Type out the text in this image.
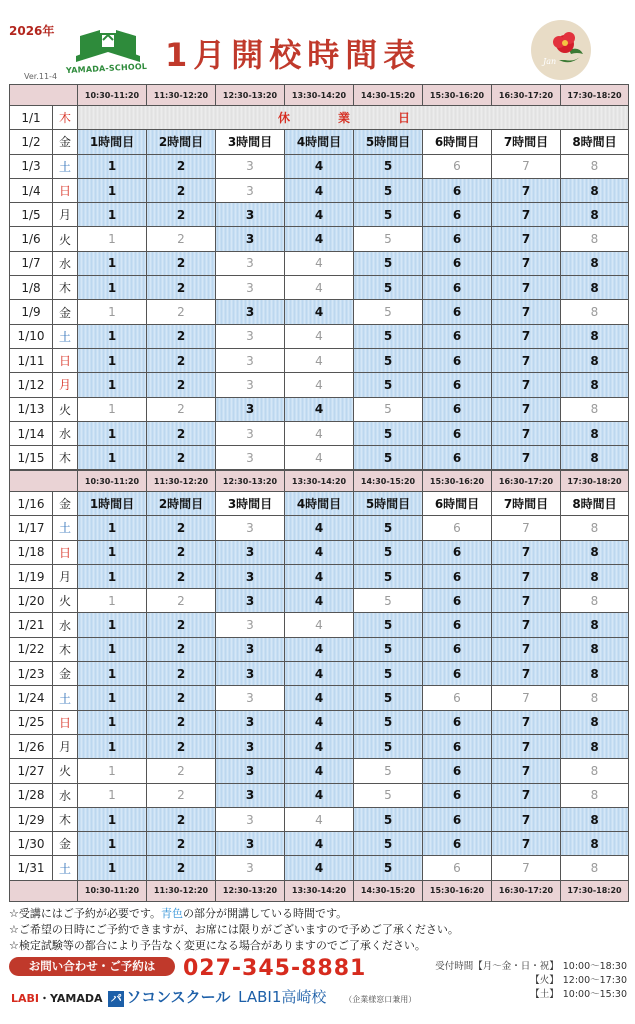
2026年
YAMADA-SCHOOL
Ver.11-4
1月開校時間表	Jan
		10:30-11:20	11:30-12:20	12:30-13:20	13:30-14:20	14:30-15:20	15:30-16:20	16:30-17:20	17:30-18:20
1/1	木	休　業　日							
1/2	金	1時間目	2時間目	3時間目	4時間目	5時間目	6時間目	7時間目	8時間目
1/3	土	1	2	3	4	5	6	7	8
1/4	日	1	2	3	4	5	6	7	8
1/5	月	1	2	3	4	5	6	7	8
1/6	火	1	2	3	4	5	6	7	8
1/7	水	1	2	3	4	5	6	7	8
1/8	木	1	2	3	4	5	6	7	8
1/9	金	1	2	3	4	5	6	7	8
1/10	土	1	2	3	4	5	6	7	8
1/11	日	1	2	3	4	5	6	7	8
1/12	月	1	2	3	4	5	6	7	8
1/13	火	1	2	3	4	5	6	7	8
1/14	水	1	2	3	4	5	6	7	8
1/15	木	1	2	3	4	5	6	7	8
		10:30-11:20	11:30-12:20	12:30-13:20	13:30-14:20	14:30-15:20	15:30-16:20	16:30-17:20	17:30-18:20
1/16	金	1時間目	2時間目	3時間目	4時間目	5時間目	6時間目	7時間目	8時間目
1/17	土	1	2	3	4	5	6	7	8
1/18	日	1	2	3	4	5	6	7	8
1/19	月	1	2	3	4	5	6	7	8
1/20	火	1	2	3	4	5	6	7	8
1/21	水	1	2	3	4	5	6	7	8
1/22	木	1	2	3	4	5	6	7	8
1/23	金	1	2	3	4	5	6	7	8
1/24	土	1	2	3	4	5	6	7	8
1/25	日	1	2	3	4	5	6	7	8
1/26	月	1	2	3	4	5	6	7	8
1/27	火	1	2	3	4	5	6	7	8
1/28	水	1	2	3	4	5	6	7	8
1/29	木	1	2	3	4	5	6	7	8
1/30	金	1	2	3	4	5	6	7	8
1/31	土	1	2	3	4	5	6	7	8
		10:30-11:20	11:30-12:20	12:30-13:20	13:30-14:20	14:30-15:20	15:30-16:20	16:30-17:20	17:30-18:20
☆受講にはご予約が必要です。青色の部分が開講している時間です。
☆ご希望の日時にご予約できますが、お席には限りがございますので予めご了承ください。
☆検定試験等の都合により予告なく変更になる場合がありますのでご了承ください。
お問い合わせ・ご予約は	027-345-8881	受付時間【月～金・日・祝】 10:00～18:30
【火】 12:00～17:30
【土】 10:00～15:30
LABI・YAMADA パ ソコンスクール LABI1高崎校 （企業様窓口兼用）
